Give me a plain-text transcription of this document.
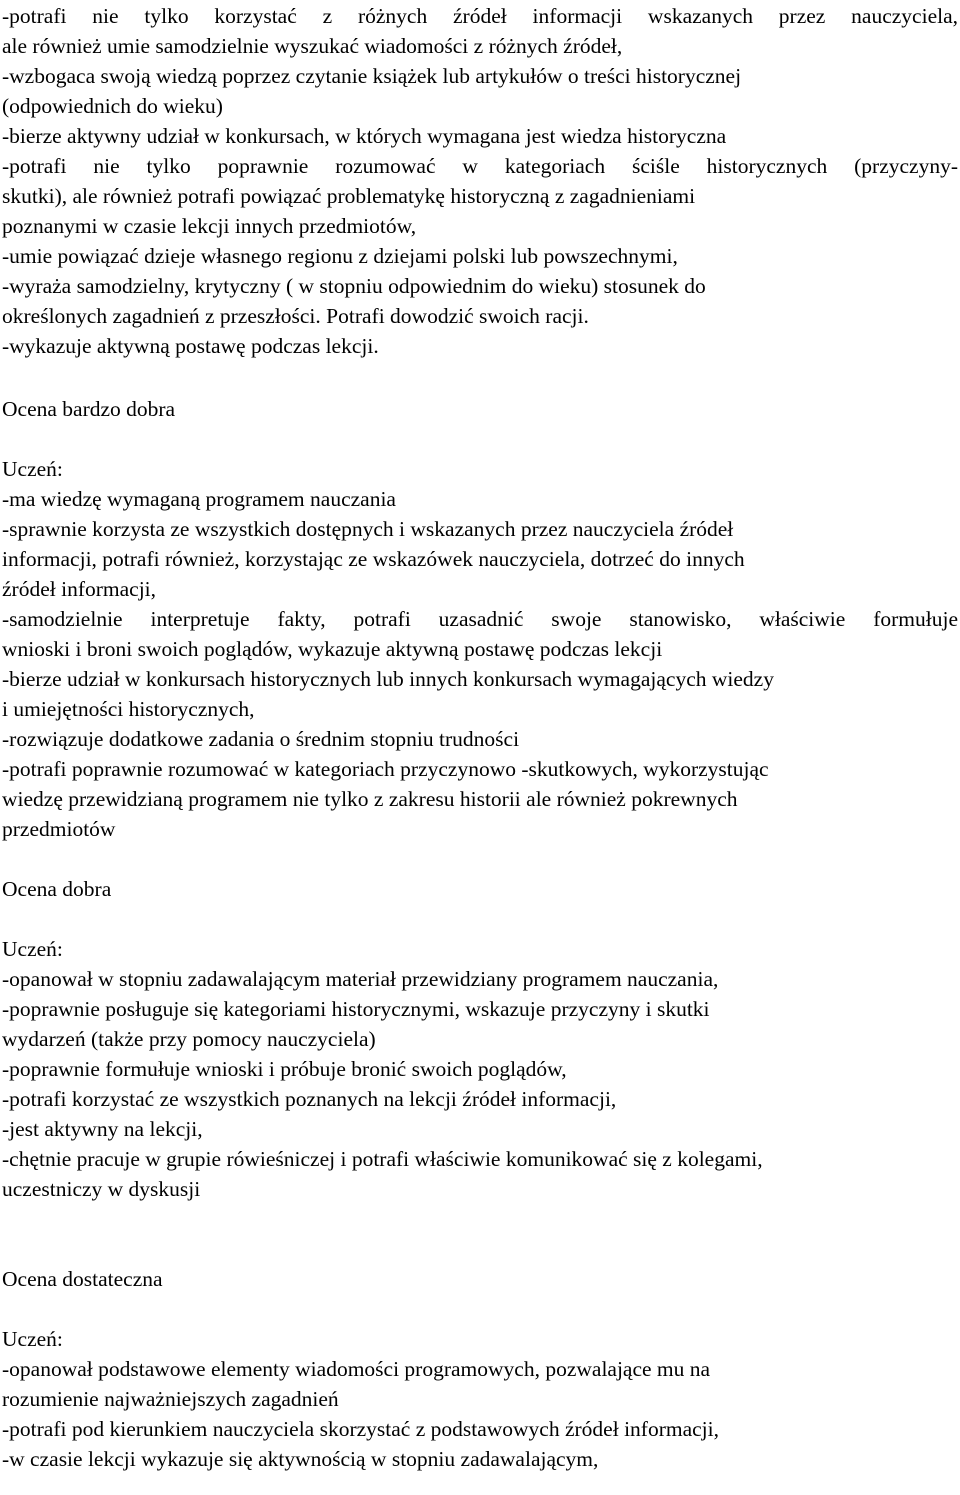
-potrafi nie tylko korzystać z różnych źródeł informacji wskazanych przez nauczyciela,
ale również umie samodzielnie wyszukać wiadomości z różnych źródeł,
-wzbogaca swoją wiedzą poprzez czytanie książek lub artykułów o treści historycznej
(odpowiednich do wieku)
-bierze aktywny udział w konkursach, w których wymagana jest wiedza historyczna
-potrafi nie tylko poprawnie rozumować w kategoriach ściśle historycznych (przyczyny-
skutki), ale również potrafi powiązać problematykę historyczną z zagadnieniami
poznanymi w czasie lekcji innych przedmiotów,
-umie powiązać dzieje własnego regionu z dziejami polski lub powszechnymi,
-wyraża samodzielny, krytyczny ( w stopniu odpowiednim do wieku) stosunek do
określonych zagadnień z przeszłości. Potrafi dowodzić swoich racji.
-wykazuje aktywną postawę podczas lekcji.
Ocena bardzo dobra
Uczeń:
-ma wiedzę wymaganą programem nauczania
-sprawnie korzysta ze wszystkich dostępnych i wskazanych przez nauczyciela źródeł
informacji, potrafi również, korzystając ze wskazówek nauczyciela, dotrzeć do innych
źródeł informacji,
-samodzielnie interpretuje fakty, potrafi uzasadnić swoje stanowisko, właściwie formułuje
wnioski i broni swoich poglądów, wykazuje aktywną postawę podczas lekcji
-bierze udział w konkursach historycznych lub innych konkursach wymagających wiedzy
i umiejętności historycznych,
-rozwiązuje dodatkowe zadania o średnim stopniu trudności
-potrafi poprawnie rozumować w kategoriach przyczynowo -skutkowych, wykorzystując
wiedzę przewidzianą programem nie tylko z zakresu historii ale również pokrewnych
przedmiotów
Ocena dobra
Uczeń:
-opanował w stopniu zadawalającym materiał przewidziany programem nauczania,
-poprawnie posługuje się kategoriami historycznymi, wskazuje przyczyny i skutki
wydarzeń (także przy pomocy nauczyciela)
-poprawnie formułuje wnioski i próbuje bronić swoich poglądów,
-potrafi korzystać ze wszystkich poznanych na lekcji źródeł informacji,
-jest aktywny na lekcji,
-chętnie pracuje w grupie rówieśniczej i potrafi właściwie komunikować się z kolegami,
uczestniczy w dyskusji
Ocena dostateczna
Uczeń:
-opanował podstawowe elementy wiadomości programowych, pozwalające mu na
rozumienie najważniejszych zagadnień
-potrafi pod kierunkiem nauczyciela skorzystać z podstawowych źródeł informacji,
-w czasie lekcji wykazuje się aktywnością w stopniu zadawalającym,
